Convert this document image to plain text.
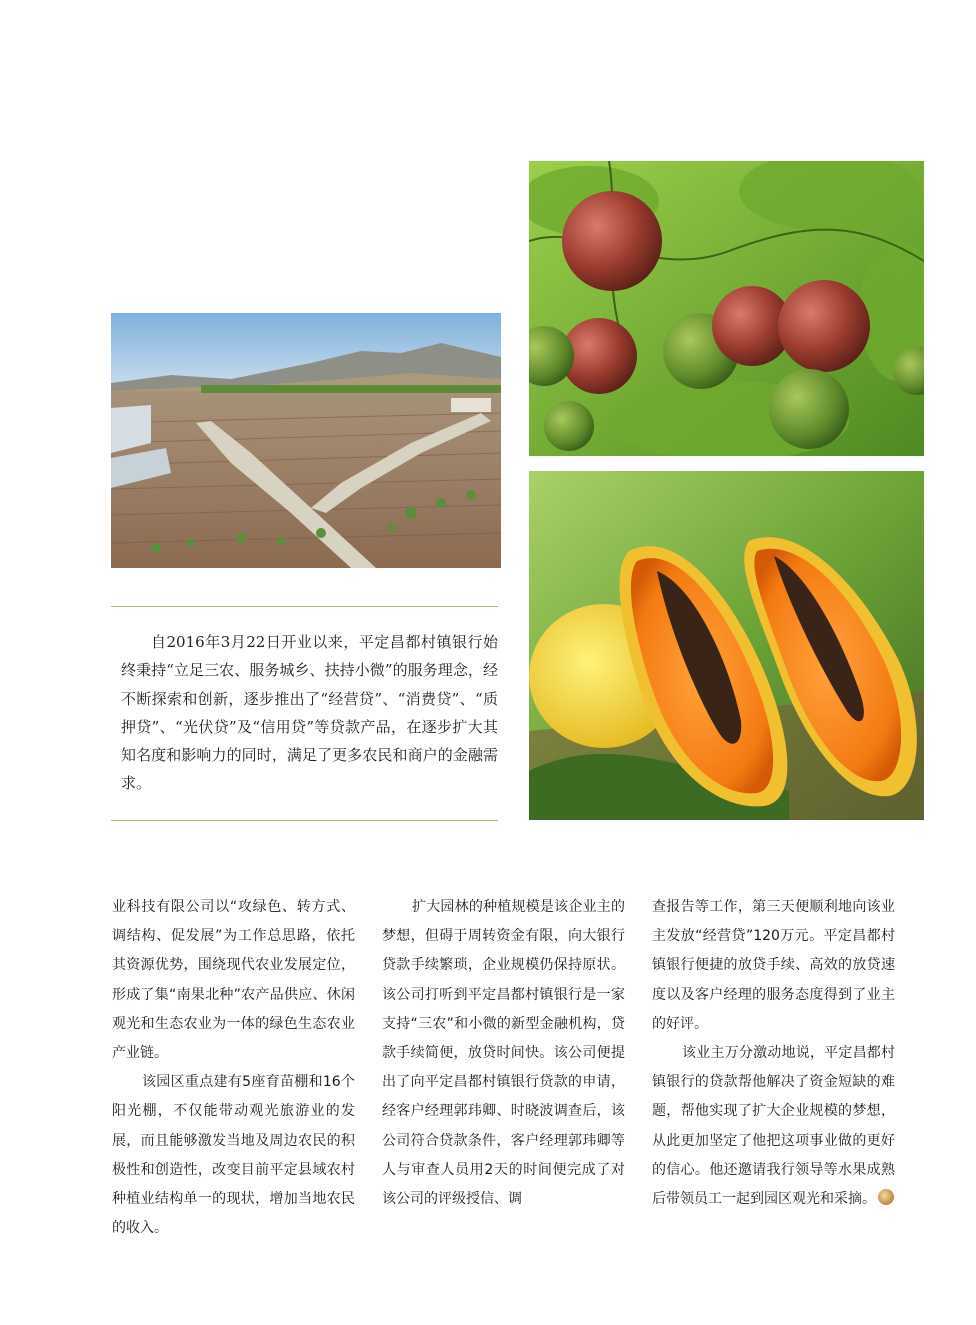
自2016年3月22日开业以来，平定昌都村镇银行始终秉持“立足三农、服务城乡、扶持小微”的服务理念，经不断探索和创新，逐步推出了“经营贷”、“消费贷”、“质押贷”、“光伏贷”及“信用贷”等贷款产品，在逐步扩大其知名度和影响力的同时，满足了更多农民和商户的金融需求。

业科技有限公司以“攻绿色、转方式、调结构、促发展”为工作总思路，依托其资源优势，围绕现代农业发展定位，形成了集“南果北种”农产品供应、休闲观光和生态农业为一体的绿色生态农业产业链。

该园区重点建有5座育苗棚和16个阳光棚，不仅能带动观光旅游业的发展，而且能够激发当地及周边农民的积极性和创造性，改变目前平定县域农村种植业结构单一的现状，增加当地农民的收入。

扩大园林的种植规模是该企业主的梦想，但碍于周转资金有限，向大银行贷款手续繁琐，企业规模仍保持原状。该公司打听到平定昌都村镇银行是一家支持“三农”和小微的新型金融机构，贷款手续简便，放贷时间快。该公司便提出了向平定昌都村镇银行贷款的申请，经客户经理郭玮卿、时晓波调查后，该公司符合贷款条件，客户经理郭玮卿等人与审查人员用2天的时间便完成了对该公司的评级授信、调

查报告等工作，第三天便顺利地向该业主发放“经营贷”120万元。平定昌都村镇银行便捷的放贷手续、高效的放贷速度以及客户经理的服务态度得到了业主的好评。

该业主万分激动地说，平定昌都村镇银行的贷款帮他解决了资金短缺的难题，帮他实现了扩大企业规模的梦想，从此更加坚定了他把这项事业做的更好的信心。他还邀请我行领导等水果成熟后带领员工一起到园区观光和采摘。
